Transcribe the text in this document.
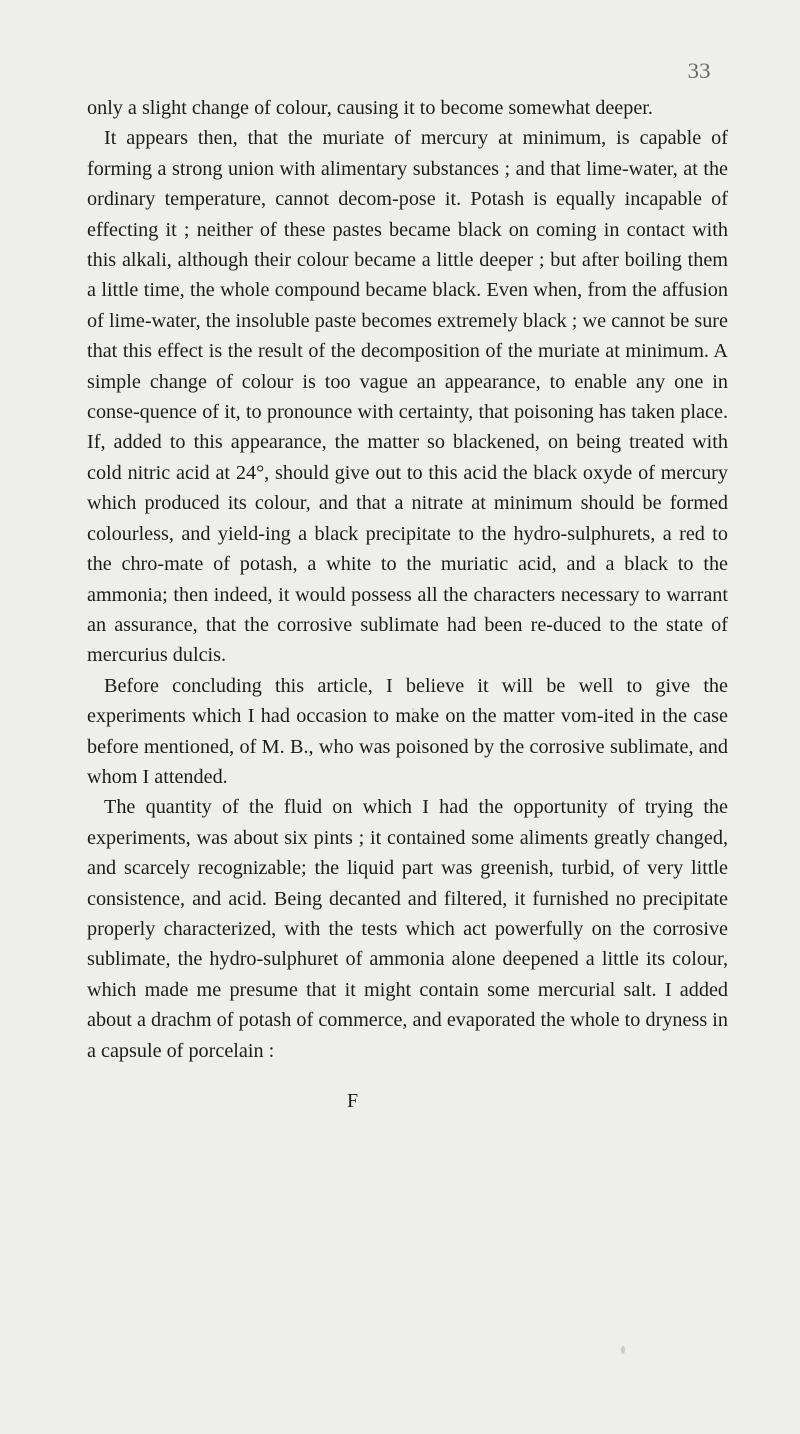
33

only a slight change of colour, causing it to become somewhat deeper.

It appears then, that the muriate of mercury at minimum, is capable of forming a strong union with alimentary substances ; and that lime-water, at the ordinary temperature, cannot decom-pose it. Potash is equally incapable of effecting it ; neither of these pastes became black on coming in contact with this alkali, although their colour became a little deeper ; but after boiling them a little time, the whole compound became black. Even when, from the affusion of lime-water, the insoluble paste becomes extremely black ; we cannot be sure that this effect is the result of the decomposition of the muriate at minimum. A simple change of colour is too vague an appearance, to enable any one in conse-quence of it, to pronounce with certainty, that poisoning has taken place. If, added to this appearance, the matter so blackened, on being treated with cold nitric acid at 24°, should give out to this acid the black oxyde of mercury which produced its colour, and that a nitrate at minimum should be formed colourless, and yield-ing a black precipitate to the hydro-sulphurets, a red to the chro-mate of potash, a white to the muriatic acid, and a black to the ammonia; then indeed, it would possess all the characters necessary to warrant an assurance, that the corrosive sublimate had been re-duced to the state of mercurius dulcis.

Before concluding this article, I believe it will be well to give the experiments which I had occasion to make on the matter vom-ited in the case before mentioned, of M. B., who was poisoned by the corrosive sublimate, and whom I attended.

The quantity of the fluid on which I had the opportunity of trying the experiments, was about six pints ; it contained some aliments greatly changed, and scarcely recognizable; the liquid part was greenish, turbid, of very little consistence, and acid. Being decanted and filtered, it furnished no precipitate properly characterized, with the tests which act powerfully on the corrosive sublimate, the hydro-sulphuret of ammonia alone deepened a little its colour, which made me presume that it might contain some mercurial salt. I added about a drachm of potash of commerce, and evaporated the whole to dryness in a capsule of porcelain :

F
